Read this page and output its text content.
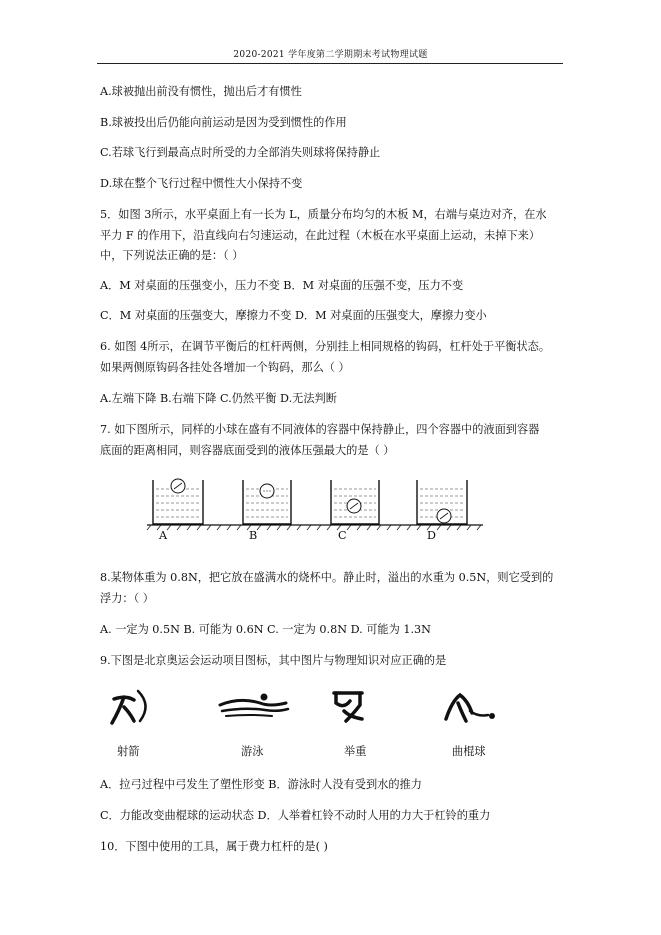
2020-2021 学年度第二学期期末考试物理试题
A.球被抛出前没有惯性，抛出后才有惯性
B.球被投出后仍能向前运动是因为受到惯性的作用
C.若球飞行到最高点时所受的力全部消失则球将保持静止
D.球在整个飞行过程中惯性大小保持不变
5．如图 3所示，水平桌面上有一长为 L，质量分布均匀的木板 M，右端与桌边对齐，在水
平力 F 的作用下，沿直线向右匀速运动，在此过程（木板在水平桌面上运动，未掉下来）
中，下列说法正确的是：（ ）
A．M 对桌面的压强变小，压力不变 B．M 对桌面的压强不变，压力不变
C．M 对桌面的压强变大，摩擦力不变 D．M 对桌面的压强变大，摩擦力变小
6. 如图 4所示，在调节平衡后的杠杆两侧，分别挂上相同规格的钩码，杠杆处于平衡状态。
如果两侧原钩码各挂处各增加一个钩码，那么（ ）
A.左端下降 B.右端下降 C.仍然平衡 D.无法判断
7. 如下图所示，同样的小球在盛有不同液体的容器中保持静止，四个容器中的液面到容器
底面的距离相同，则容器底面受到的液体压强最大的是（ ）
A	B	C	D
8.某物体重为 0.8N，把它放在盛满水的烧杯中。静止时，溢出的水重为 0.5N，则它受到的
浮力：（ ）
A. 一定为 0.5N B. 可能为 0.6N C. 一定为 0.8N D. 可能为 1.3N
9.下图是北京奥运会运动项目图标，其中图片与物理知识对应正确的是
射箭	游泳	举重	曲棍球
A．拉弓过程中弓发生了塑性形变 B．游泳时人没有受到水的推力
C．力能改变曲棍球的运动状态 D．人举着杠铃不动时人用的力大于杠铃的重力
10．下图中使用的工具，属于费力杠杆的是( )
